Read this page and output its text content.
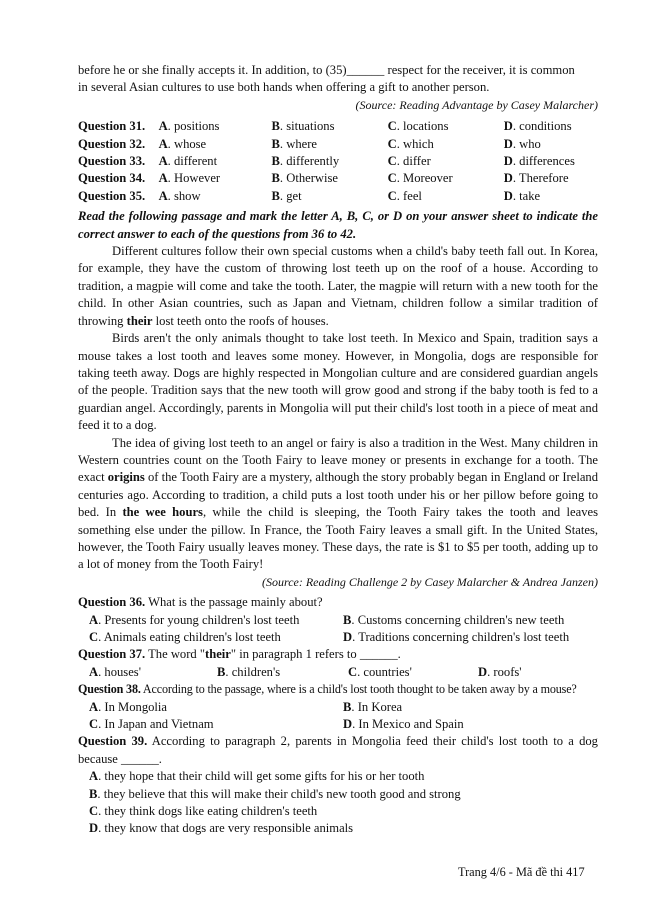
before he or she finally accepts it. In addition, to (35)______ respect for the receiver, it is common

in several Asian cultures to use both hands when offering a gift to another person.

(Source: Reading Advantage by Casey Malarcher)

Question 31.	A. positions	B. situations	C. locations	D. conditions
Question 32.	A. whose	B. where	C. which	D. who
Question 33.	A. different	B. differently	C. differ	D. differences
Question 34.	A. However	B. Otherwise	C. Moreover	D. Therefore
Question 35.	A. show	B. get	C. feel	D. take

Read the following passage and mark the letter A, B, C, or D on your answer sheet to indicate the correct answer to each of the questions from 36 to 42.

Different cultures follow their own special customs when a child's baby teeth fall out. In Korea, for example, they have the custom of throwing lost teeth up on the roof of a house. According to tradition, a magpie will come and take the tooth. Later, the magpie will return with a new tooth for the child. In other Asian countries, such as Japan and Vietnam, children follow a similar tradition of throwing their lost teeth onto the roofs of houses.

Birds aren't the only animals thought to take lost teeth. In Mexico and Spain, tradition says a mouse takes a lost tooth and leaves some money. However, in Mongolia, dogs are responsible for taking teeth away. Dogs are highly respected in Mongolian culture and are considered guardian angels of the people. Tradition says that the new tooth will grow good and strong if the baby tooth is fed to a guardian angel. Accordingly, parents in Mongolia will put their child's lost tooth in a piece of meat and feed it to a dog.

The idea of giving lost teeth to an angel or fairy is also a tradition in the West. Many children in Western countries count on the Tooth Fairy to leave money or presents in exchange for a tooth. The exact origins of the Tooth Fairy are a mystery, although the story probably began in England or Ireland centuries ago. According to tradition, a child puts a lost tooth under his or her pillow before going to bed. In the wee hours, while the child is sleeping, the Tooth Fairy takes the tooth and leaves something else under the pillow. In France, the Tooth Fairy leaves a small gift. In the United States, however, the Tooth Fairy usually leaves money. These days, the rate is $1 to $5 per tooth, adding up to a lot of money from the Tooth Fairy!

(Source: Reading Challenge 2 by Casey Malarcher & Andrea Janzen)

Question 36. What is the passage mainly about?

A. Presents for young children's lost teeth	B. Customs concerning children's new teeth
C. Animals eating children's lost teeth	D. Traditions concerning children's lost teeth

Question 37. The word "their" in paragraph 1 refers to ______.

A. houses'	B. children's	C. countries'	D. roofs'

Question 38. According to the passage, where is a child's lost tooth thought to be taken away by a mouse?

A. In Mongolia	B. In Korea
C. In Japan and Vietnam	D. In Mexico and Spain

Question 39. According to paragraph 2, parents in Mongolia feed their child's lost tooth to a dog because ______.

A. they hope that their child will get some gifts for his or her tooth
B. they believe that this will make their child's new tooth good and strong
C. they think dogs like eating children's teeth
D. they know that dogs are very responsible animals
Trang 4/6 - Mã đề thi 417
